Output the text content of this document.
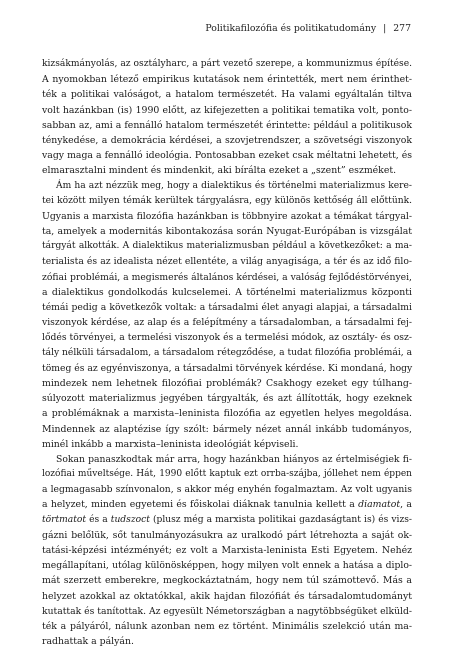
Politikafilozófia és politikatudomány | 277
kizsákmányolás, az osztályharc, a párt vezető szerepe, a kommunizmus építése.
A nyomokban létező empirikus kutatások nem érintették, mert nem érinthet-
ték a politikai valóságot, a hatalom természetét. Ha valami egyáltalán tiltva
volt hazánkban (is) 1990 előtt, az kifejezetten a politikai tematika volt, ponto-
sabban az, ami a fennálló hatalom természetét érintette: például a politikusok
ténykedése, a demokrácia kérdései, a szovjetrendszer, a szövetségi viszonyok
vagy maga a fennálló ideológia. Pontosabban ezeket csak méltatni lehetett, és
elmarasztalni mindent és mindenkit, aki bírálta ezeket a „szent” eszméket.
Ám ha azt nézzük meg, hogy a dialektikus és történelmi materializmus kere-
tei között milyen témák kerültek tárgyalásra, egy különös kettőség áll előttünk.
Ugyanis a marxista filozófia hazánkban is többnyire azokat a témákat tárgyal-
ta, amelyek a modernitás kibontakozása során Nyugat-Európában is vizsgálat
tárgyát alkották. A dialektikus materializmusban például a következőket: a ma-
terialista és az idealista nézet ellentéte, a világ anyagisága, a tér és az idő filo-
zófiai problémái, a megismerés általános kérdései, a valóság fejlődéstörvényei,
a dialektikus gondolkodás kulcselemei. A történelmi materializmus központi
témái pedig a következők voltak: a társadalmi élet anyagi alapjai, a társadalmi
viszonyok kérdése, az alap és a felépítmény a társadalomban, a társadalmi fej-
lődés törvényei, a termelési viszonyok és a termelési módok, az osztály- és osz-
tály nélküli társadalom, a társadalom rétegződése, a tudat filozófia problémái, a
tömeg és az egyénviszonya, a társadalmi törvények kérdése. Ki mondaná, hogy
mindezek nem lehetnek filozófiai problémák? Csakhogy ezeket egy túlhang-
súlyozott materializmus jegyében tárgyalták, és azt állították, hogy ezeknek
a problémáknak a marxista–leninista filozófia az egyetlen helyes megoldása.
Mindennek az alaptézise így szólt: bármely nézet annál inkább tudományos,
minél inkább a marxista–leninista ideológiát képviseli.
Sokan panaszkodtak már arra, hogy hazánkban hiányos az értelmiségiek fi-
lozófiai műveltsége. Hát, 1990 előtt kaptuk ezt orrba-szájba, jóllehet nem éppen
a legmagasabb színvonalon, s akkor még enyhén fogalmaztam. Az volt ugyanis
a helyzet, minden egyetemi és főiskolai diáknak tanulnia kellett a diamatot, a
törtmatot és a tudszoct (plusz még a marxista politikai gazdaságtant is) és vizs-
gázni belőlük, sőt tanulmányozásukra az uralkodó párt létrehozta a saját ok-
tatási-képzési intézményét; ez volt a Marxista-leninista Esti Egyetem. Nehéz
megállapítani, utólag különösképpen, hogy milyen volt ennek a hatása a diplo-
mát szerzett emberekre, megkockáztatnám, hogy nem túl számottevő. Más a
helyzet azokkal az oktatókkal, akik hajdan filozófiát és társadalomtudományt
kutattak és tanítottak. Az egyesült Németországban a nagytöbbségüket elküld-
ték a pályáról, nálunk azonban nem ez történt. Minimális szelekció után ma-
radhattak a pályán.
